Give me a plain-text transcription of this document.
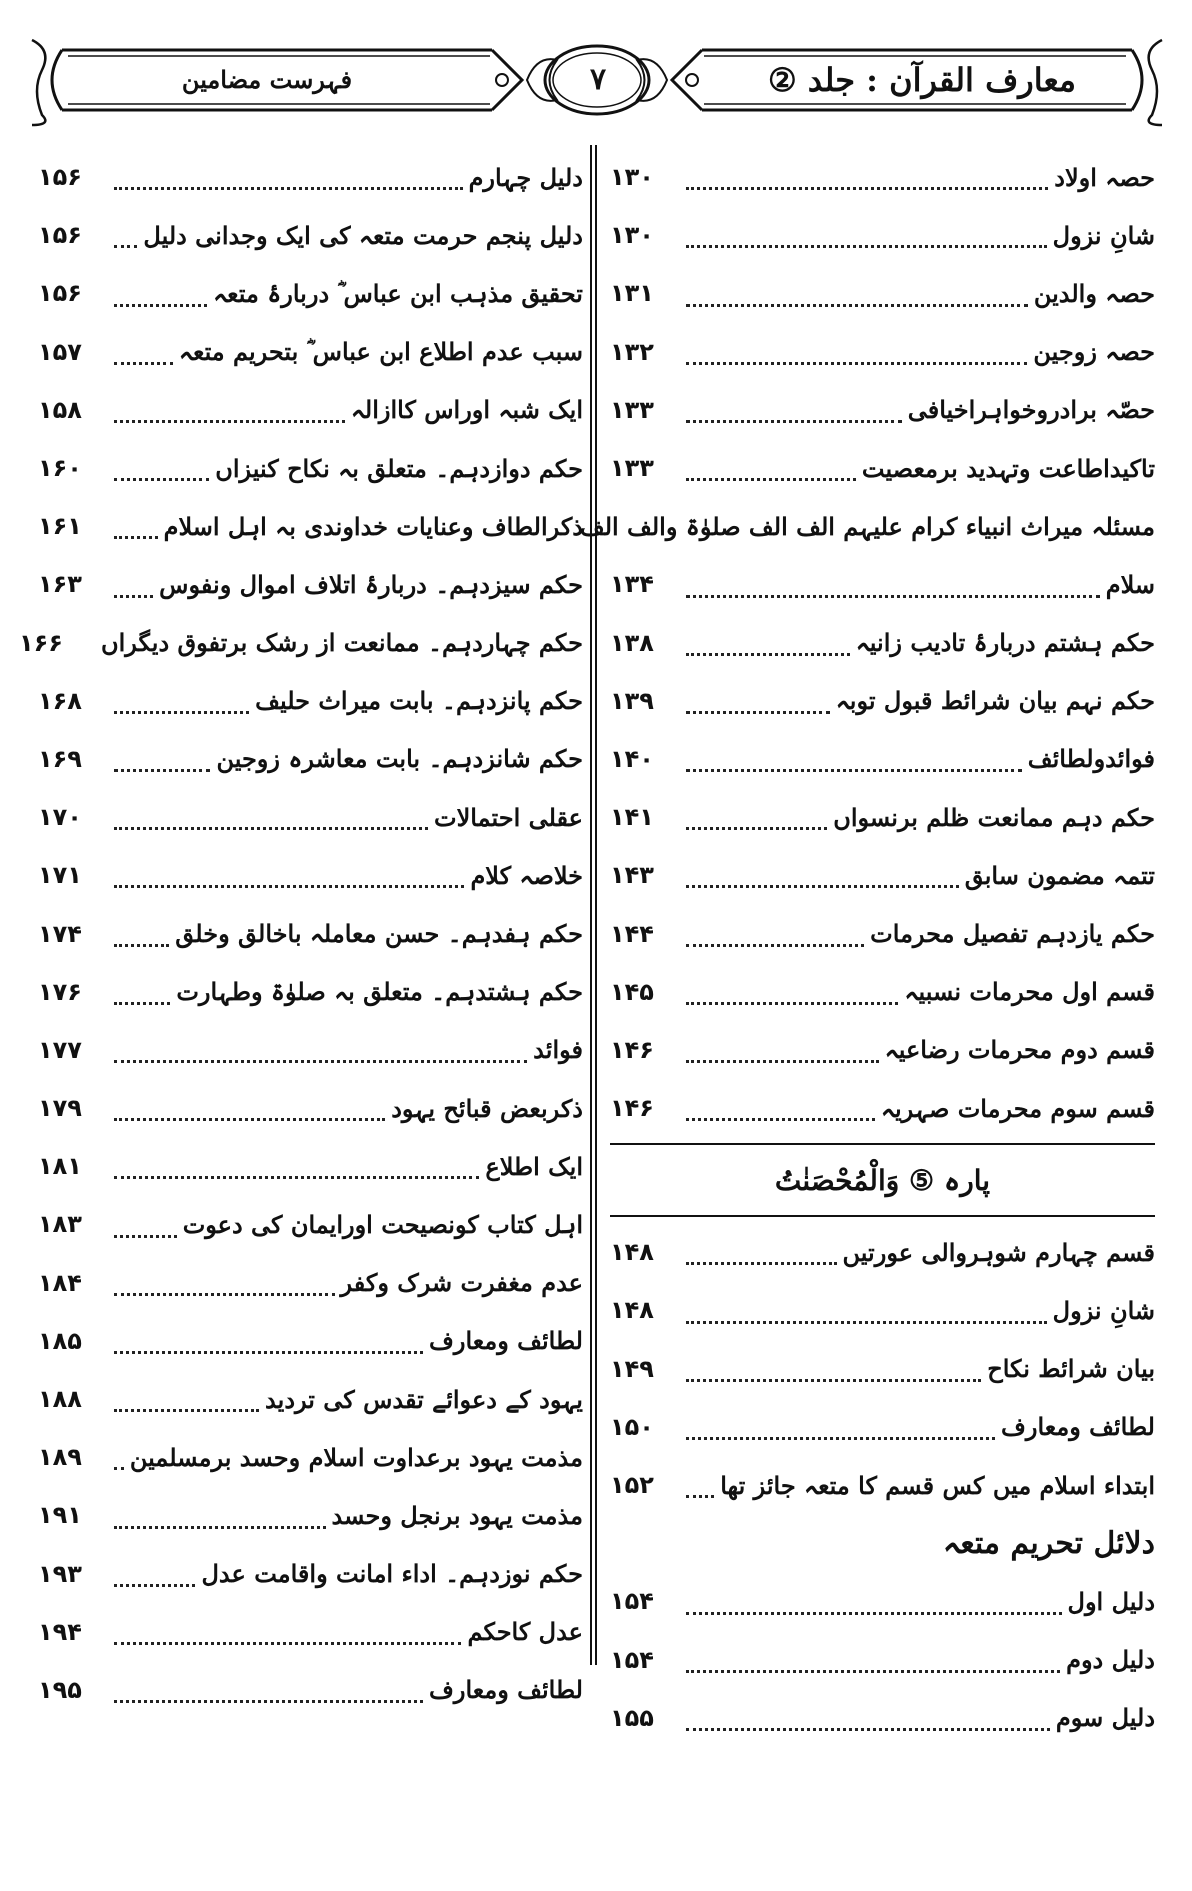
فہرست مضامین	۷	معارف القرآن : جلد ②
حصہ اولاد
۱۳۰
شانِ نزول
۱۳۰
حصہ والدین
۱۳۱
حصہ زوجین
۱۳۲
حصّہ برادروخواہراخیافی
۱۳۳
تاکیداطاعت وتہدید برمعصیت
۱۳۳
مسئلہ میراث انبیاء کرام علیہم الف الف صلوٰۃ والف الف
سلام
۱۳۴
حکم ہشتم دربارۂ تادیب زانیہ
۱۳۸
حکم نہم بیان شرائط قبول توبہ
۱۳۹
فوائدولطائف
۱۴۰
حکم دہم ممانعت ظلم برنسواں
۱۴۱
تتمہ مضمون سابق
۱۴۳
حکم یازدہم تفصیل محرمات
۱۴۴
قسم اول محرمات نسبیہ
۱۴۵
قسم دوم محرمات رضاعیہ
۱۴۶
قسم سوم محرمات صہریہ
۱۴۶
پارہ ⑤ وَالْمُحْصَنٰتُ
قسم چہارم شوہروالی عورتیں
۱۴۸
شانِ نزول
۱۴۸
بیان شرائط نکاح
۱۴۹
لطائف ومعارف
۱۵۰
ابتداء اسلام میں کس قسم کا متعہ جائز تھا
۱۵۲
دلائل تحریم متعہ
دلیل اول
۱۵۴
دلیل دوم
۱۵۴
دلیل سوم
۱۵۵
دلیل چہارم
۱۵۶
دلیل پنجم حرمت متعہ کی ایک وجدانی دلیل
۱۵۶
تحقیق مذہب ابن عباس ؓ دربارۂ متعہ
۱۵۶
سبب عدم اطلاع ابن عباس ؓ بتحریم متعہ
۱۵۷
ایک شبہ اوراس کاازالہ
۱۵۸
حکم دوازدہم۔ متعلق بہ نکاح کنیزاں
۱۶۰
ذکرالطاف وعنایات خداوندی بہ اہل اسلام
۱۶۱
حکم سیزدہم۔ دربارۂ اتلاف اموال ونفوس
۱۶۳
حکم چہاردہم۔ ممانعت از رشک برتفوق دیگراں
۱۶۶
حکم پانزدہم۔ بابت میراث حلیف
۱۶۸
حکم شانزدہم۔ بابت معاشرہ زوجین
۱۶۹
عقلی احتمالات
۱۷۰
خلاصہ کلام
۱۷۱
حکم ہفدہم۔ حسن معاملہ باخالق وخلق
۱۷۴
حکم ہشتدہم۔ متعلق بہ صلوٰۃ وطہارت
۱۷۶
فوائد
۱۷۷
ذکربعض قبائح یہود
۱۷۹
ایک اطلاع
۱۸۱
اہل کتاب کونصیحت اورایمان کی دعوت
۱۸۳
عدم مغفرت شرک وکفر
۱۸۴
لطائف ومعارف
۱۸۵
یہود کے دعوائے تقدس کی تردید
۱۸۸
مذمت یہود برعداوت اسلام وحسد برمسلمین
۱۸۹
مذمت یہود برنجل وحسد
۱۹۱
حکم نوزدہم۔ اداء امانت واقامت عدل
۱۹۳
عدل کاحکم
۱۹۴
لطائف ومعارف
۱۹۵
